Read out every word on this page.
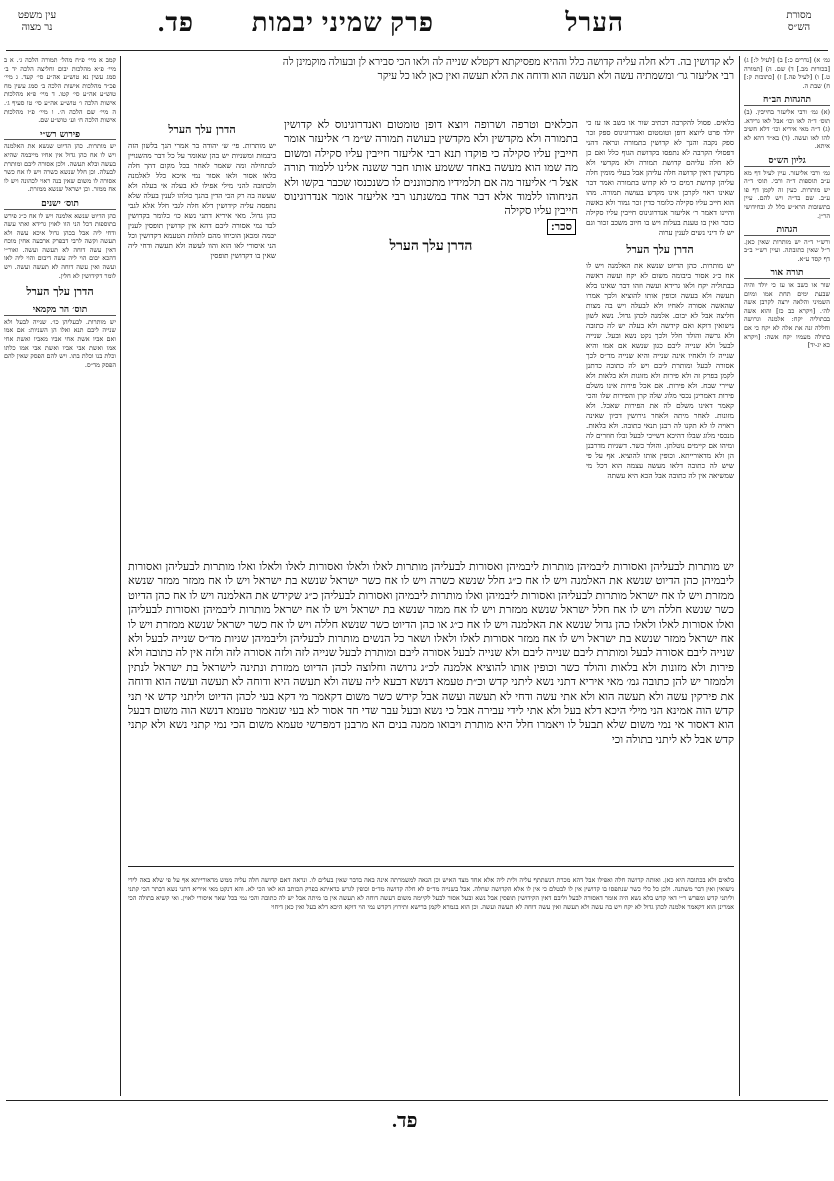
מסורת
הש״ס
הערל
פרק שמיני
יבמות
פד.
עין משפט
נר מצוה

גמ׳ א) [נדרים כ:] ב) [לעיל ל:] ג) [בכורות מב.] ד) שם. ה) [תמורה ט.] ו) [לעיל פה.] ז) [כתובות ק:] ח) שבת ה.

תהגהות הב״ח

(א) גמ׳ ורבי אליעזר בחייבין. (ב) תוס׳ ד״ה לאו וכו׳ אבל לאו גרידא. (ג) ד״ה מאי איריא וכו׳ דלא חשיב להו לאו ועשה. (ד) בא״ד דהא לא איתא.

גליון הש״ס

גמ׳ ורבי אליעזר. עיין לעיל דף מא ע״ב תוספות ד״ה ורבי. תוס׳ ד״ה יש מותרות. כעין זה לקמן דף פו ע״ב. שם בד״ה ויש להם. עיין בתשובות הרא״ש כלל לג ובחידושי הר״ן.

הגהות

ורש״י ד״ה יש מותרות שאין כאן. ר״ל שאין כתובתה. ועיין רש״י ב״ב דף קסד ע״א.

תורה אור

שור או כשב או עז כי יולד והיה שבעת ימים תחת אמו ומיום השמיני והלאה ירצה לקרבן אשה לה׳. [ויקרא כב כז] והוא אשה בבתוליה יקח: אלמנה וגרושה וחללה זנה את אלה לא יקח כי אם בתולה מעמיו יקח אשה: [ויקרא כא יג-יד]

קמב א מיי׳ פ״ח מהל׳ תמורה הלכה ג׳. א ב מיי׳ פ״א מהלכות יבום וחליצה הלכה יד ב׳ סמג עשין נא טוש״ע אה״ע סי׳ קעד. ג מיי׳ פכ״ד מהלכות אישות הלכה ב׳ סמג עשין מח טוש״ע אה״ע סי׳ קטו. ד מיי׳ פ״א מהלכות אישות הלכה ו׳ טוש״ע אה״ע סי׳ טו סעיף ג׳. ה מיי׳ שם הלכה ה׳. ו מיי׳ פ״ז מהלכות אישות הלכה ח׳ וע׳ טוש״ע שם.

פירוש רש״י

יש מותרות. כהן הדיוט שנשא את האלמנה ויש לו אח כהן גדול אין אחיו מייבמה שהיא בעשה ובלא תעשה. ולכן אסורה ליבם ומותרת לבעלה. וכן חלל שנשא כשרה ויש לו אח כשר אסורה לו משום שאין בנה ראוי לכהונה ויש לו אח ממזר. וכן ישראל שנשא ממזרת.

תוס׳ ישנים

כהן הדיוט שנשא אלמנה ויש לו אח כ״ג פירש בתוספות דכל הני הוו לאוין גרידא ואתי עשה ודחי ליה אבל בכהן גדול איכא עשה ולא תעשה וקשה לרבי דבפרק ארבעה אחין מוכח דאין עשה דוחה לא תעשה ועשה. ואור״י דהכא יבום הוי ליה עשה דיבום והוי ליה לאו ועשה ואין עשה דוחה לא תעשה ועשה. ויש לומר דקידושין לא חלין.

הדרן עלך הערל
תוס׳ הר מקמאי

יש מותרות. לבעליהן כו׳. שנייה לבעל ולא שנייה ליבם תנא ואלו הן השניות: אם אמו ואם אביו אשת אחי אביו מאביו ואשת אחי אמו ואשת אבי אביו ואשת אבי אמו כלתו וכלת בנו וכלת בתו. ויש להם הפסק שאין להם הפסק מד״ס.

לא קדושין בה. דלא חלה עליה קדושה כלל וההיא מפסיקתא דקטלא שנייה לה ולאו הכי סבירא לן ובעולה מוקמינן לה

רבי אליעזר גר׳ ומשמתיה עשה ולא תעשה הוא ודוחה את הלא תעשה ואין כאן לאו כל עיקר

בלאים. פסול להקרבה דכתיב שור או כשב או עז כי יולד פרט ליוצא דופן וטומטום ואנדרוגינוס ספק זכר ספק נקבה והנך לא קדושין בתמורה ונראה דהני דפסולי הקרבה לא נתפסו בקדושת הגוף כלל ואם כן לא חלה עליהם קדושת תמורה ולא מקדשי ולא מקדשין דאין קדושה חלה עליהן אבל בעלי מומין חלה עליהן קדושת דמים כי לא קדוש בתמורה ואמר דבר שאינו ראוי לקרבן אינו מקדש בעושה תמורה. מהו הוא חייב עליו סקילה כלומר כדין זכר גמור ולא כאשה והיינו דאמר ר׳ אליעזר אנדרוגינוס חייבין עליו סקילה כזכר ואין בו טענת בעלות ויש בו חיוב משכב זכור וגם יש לו דיני נשים לענין ערוה

הדרן עלך הערל

יש מותרות. כהן הדיוט שנשא את האלמנה ויש לו אח כ״ג אסור ביבומה משום לא יקח ועשה דאשה בבתוליה יקח ולאו גרידא ועשה וזהו דבר שאינו בלא תעשה ולא בעשה וכופין אותו להוציא ולכך אמרו שהאשה אסורה לאחיו ולא לבעלה ויש בה מצות חליצה אבל לא יבום. אלמנה לכהן גדול. נשא לשון נישואין דוקא ואם קידשה ולא בעלה יש לה כתובה ולא גרשה והולד חלל ולכך נקט נשא ובעל. שנייה לבעל ולא שנייה ליבם כגון שנשא אם אמו והיא שנייה לו ולאחיו אינה שנייה והיא שנייה מד״ס לכך אסורה לבעל ומותרת ליבם ויש לה כתובה כדתנן לקמן בפרק זה ולא פירות ולא מזונות ולא בלאות ולא שיירי שבח. ולא פירות. אם אכל פירות אינו משלם פירות דאמרינן נכסי מלוג שלה קרן והפירות שלו והכי קאמר דאינו משלם לה את הפירות שאכל. ולא מזונות. לאחר מיתה ולאחר גירושין דכיון שאינה ראויה לו לא תקנו לה רבנן תנאי כתובה. ולא בלאות. מנכסי מלוג שבלו דהיכא דשייכי לבעל ובלו חוזרים לה ומיהו אם קיימים נוטלתן. והולד כשר. דשניות מדרבנן הן ולא מדאורייתא. וכופין אותו להוציא. אף על פי שיש לה כתובה דלאו מעשה עצמה הוא דכל מי שמשיאה אין לה כתובה אבל הכא היא עשתה

הדרן עלך הערל

יש מותרות. פי׳ ש׳ יהודה בר אמרי הנך בלשון הזה ביבמות ומשניות יש בהן שאומר על כל דבר מהשנויין לכתחילה ומה שאמר לאחר בכל מקום דהך חלה בלאו אסור ולאו אסור נמי איכא כלל לאלמנה ולכתובה להני מילי אפילו לא בעלה אי בעלה ולא שעשה בה רק הכי הדין בהנך כולהו לענין בעלה שלא נתפסה עליה קידושין דלא חלה לגבי חלל אלא לגבי כהן גדול. מאי איריא דתני נשא כו׳ כלומר בקדושין לבד נמי אסורה ליבם דהא אין קדושין תופסין לענין יבמה ומכאן הוכיחו מהם לתלות הטעמא דקדושין וכל הני איסורי לאו הוא והוו לעשה ולא תעשה ודחי ליה שאין בו דקדושין תופסין

הכלאים וטרפה ושרופה ויוצא דופן טומטום ואנדרוגינוס לא קדושין בתמורה ולא מקדשין ולא מקדשין בעושה תמורה ש״מ ר׳ אליעזר אומר חייבין עליו סקילה כי פוקדו תנא רבי אליעזר חייבין עליו סקילה ומשום מה שמו הוא מעשה באחד ששמע אותו חבר ששנה אלינו ללמוד תורה אצל ר׳ אליעזר מה אם תלמידיו מתכווננים לו כשנכנסו שכבר בקשו ולא הניחוהו ללמוד אלא דבר אחד במשנתנו רבי אליעזר אומר אנדרוגינוס חייבין עליו סקילה

סכר:

הדרן עלך הערל

יש מותרות לבעליהן ואסורות ליבמיהן מותרות ליבמיהן ואסורות לבעליהן מותרות לאלו ולאלו ואסורות לאלו ולאלו ואלו מותרות לבעליהן ואסורות ליבמיהן כהן הדיוט שנשא את האלמנה ויש לו אח כ״ג חלל שנשא כשרה ויש לו אח כשר ישראל שנשא בת ישראל ויש לו אח ממזר ממזר שנשא ממזרת ויש לו אח ישראל מותרות לבעליהן ואסורות ליבמיהן ואלו מותרות ליבמיהן ואסורות לבעליהן כ״ג שקידש את האלמנה ויש לו אח כהן הדיוט כשר שנשא חללה ויש לו אח חלל ישראל שנשא ממזרת ויש לו אח ממזר שנשא בת ישראל ויש לו אח ישראל מותרות ליבמיהן ואסורות לבעליהן ואלו אסורות לאלו ולאלו כהן גדול שנשא את האלמנה ויש לו אח כ״ג או כהן הדיוט כשר שנשא חללה ויש לו אח כשר ישראל שנשא ממזרת ויש לו אח ישראל ממזר שנשא בת ישראל ויש לו אח ממזר אסורות לאלו ולאלו ושאר כל הנשים מותרות לבעליהן וליבמיהן שניות מד״ס שנייה לבעל ולא שנייה ליבם אסורה לבעל ומותרת ליבם שנייה ליבם ולא שנייה לבעל אסורה ליבם ומותרת לבעל שנייה לזה ולזה אסורה לזה ולזה אין לה כתובה ולא פירות ולא מזונות ולא בלאות והולד כשר וכופין אותו להוציא אלמנה לכ״ג גרושה וחלוצה לכהן הדיוט ממזרת ונתינה לישראל בת ישראל לנתין ולממזר יש להן כתובה גמ׳ מאי איריא דתני נשא ליתני קדש וכ״ת טעמא דנשא דבעא ליה עשה ולא תעשה היא ודוחה לא תעשה ועשה הוא ודוחה את פירקין עשה ולא תעשה הוא ולא אתי עשה ודחי לא תעשה ועשה אבל קידש כשר משום דקאמר מי דקא בעי לכהן הדיוט וליתני קדש אי תני קדש הוה אמינא הני מילי היכא דלא בעל ולא אתי לידי עבירה אבל כי נשא ובעל עבר שדי חד אסור לא בעי שנאמר טעמא דנשא הוה משום דבעל הוא דאסור אי נמי משום שלא תבעל לו ויאמרו חלל היא מותרת ויבואו ממנה בנים הא מרבנן דמפרשי טעמא משום הכי נמי קתני נשא ולא קתני קדש אבל לא ליתני בתולה וכי

בלאים ולא בכתובה היא כאן. ואותה קדושה חלה ואפילו אבל דהא מכרת דנשתתף עליה ולית ליה אלא אחד מצד האיש וכן הנאה למשמרתה אינה באה בדבר שאין בעלים לו. ונראה דאם קדושה חלה עליה ממש מדאורייתא אף על פי שלא באה לידי נישואין ואין דבר משתנה. ולכן כל כלי כשר שנתפסו בו קדושין אין לו לבטלם כי אין לו אלא הקדושה שחלה. אבל בשנייה מד״ס לא חלה קדושה מד״ס וכופין לגרש כדאיתא בפרק הכותב הא לאו הכי לא. והא דנקט מאי איריא דתני נשא דבתר הכי קתני וליתני קדש ומפרש ר״י דאי קדש בלא נשא היה אומר דאסורה לבעל וליבם דאין הקידושין תופסין אבל נשא ובעל אסור לבעל לקיימה משום דעשה דוחה לא תעשה אין בו מיתה אבל יש לה כתובה והכי נמי בכל שאר איסורי לאוין. ואי קשיא בתולה הכי אמרינן הוא דקאמר אלמנה לכהן גדול לא יקח ויש בה עשה ולא תעשה ואין עשה דוחה לא תעשה ועשה. וכן הוא בגמרא לקמן ברישא ותירוץ דקדש נמי הוי דוקא היכא דלא בעל ואין כאן דיחוי

פד.
